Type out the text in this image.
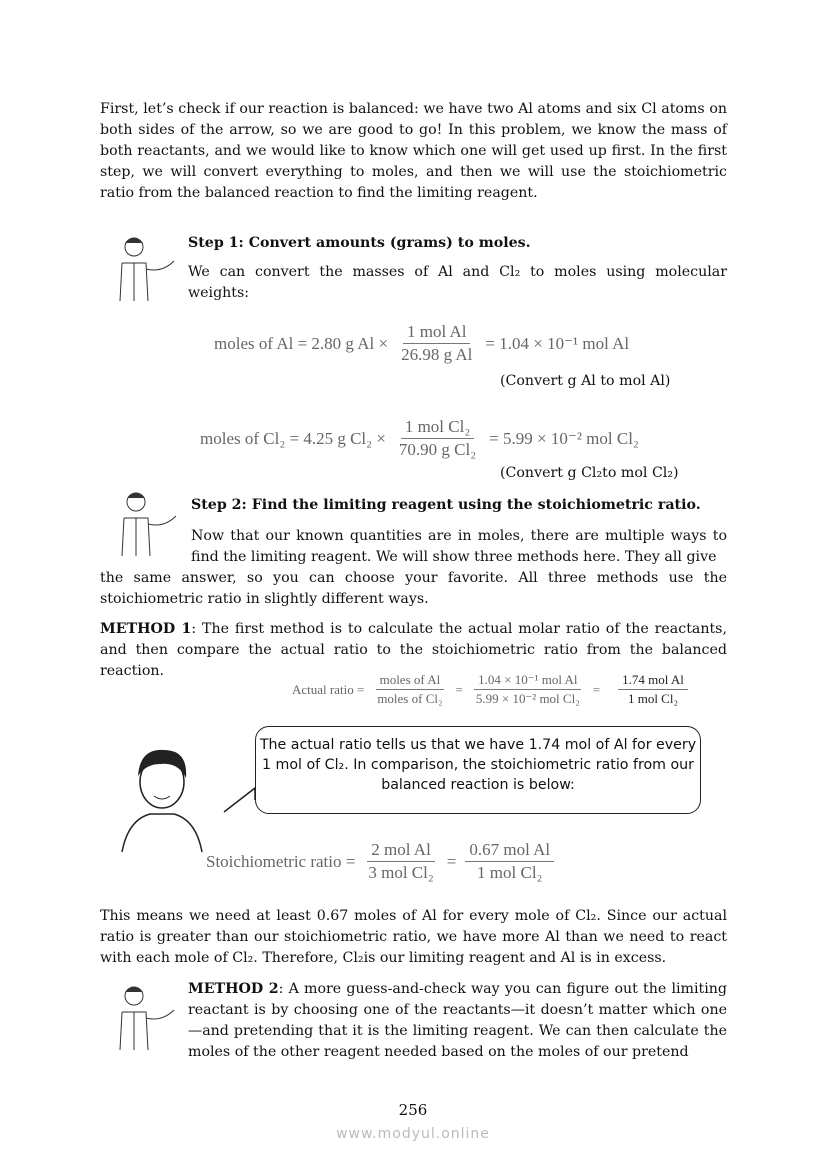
First, let’s check if our reaction is balanced: we have two Al atoms and six Cl atoms on both sides of the arrow, so we are good to go! In this problem, we know the mass of both reactants, and we would like to know which one will get used up first. In the first step, we will convert everything to moles, and then we will use the stoichiometric ratio from the balanced reaction to find the limiting reagent.
Step 1: Convert amounts (grams) to moles.
We can convert the masses of Al and Cl₂ to moles using molecular weights:
moles of Al = 2.80 g $Al \times \frac{\text{1 mol Al}}{\text{26.98 g Al}} = 1.04 \times 10^{-1}$ mol Al
(Convert g Al to mol Al)
moles of Cl₂ = 4.25 g $Cl_2 \times \frac{\text{1 mol Cl₂}}{\text{70.90 g Cl₂}} = 5.99 \times 10^{-2}$ mol Cl₂
(Convert g Cl₂to mol Cl₂)
Step 2: Find the limiting reagent using the stoichiometric ratio.
Now that our known quantities are in moles, there are multiple ways to find the limiting reagent. We will show three methods here. They all give
the same answer, so you can choose your favorite. All three methods use the stoichiometric ratio in slightly different ways.
METHOD 1: The first method is to calculate the actual molar ratio of the reactants, and then compare the actual ratio to the stoichiometric ratio from the balanced reaction.
Actual ratio = $\frac{\text{moles of Al}}{\text{moles of Cl₂}} = \frac{\text{1.04 × 10⁻¹ mol Al}}{\text{5.99 × 10⁻² mol Cl₂}} = \frac{\text{1.74 mol Al}}{\text{1 mol Cl₂}}$
The actual ratio tells us that we have 1.74 mol of Al for every 1 mol of Cl₂. In comparison, the stoichiometric ratio from our balanced reaction is below:
Stoichiometric ratio = $\frac{\text{2 mol Al}}{\text{3 mol Cl₂}} = \frac{\text{0.67 mol Al}}{\text{1 mol Cl₂}}$
This means we need at least 0.67 moles of Al for every mole of Cl₂. Since our actual ratio is greater than our stoichiometric ratio, we have more Al than we need to react with each mole of Cl₂. Therefore, Cl₂is our limiting reagent and Al is in excess.
METHOD 2: A more guess-and-check way you can figure out the limiting reactant is by choosing one of the reactants—it doesn’t matter which one—and pretending that it is the limiting reagent. We can then calculate the moles of the other reagent needed based on the moles of our pretend
256
www.modyul.online
